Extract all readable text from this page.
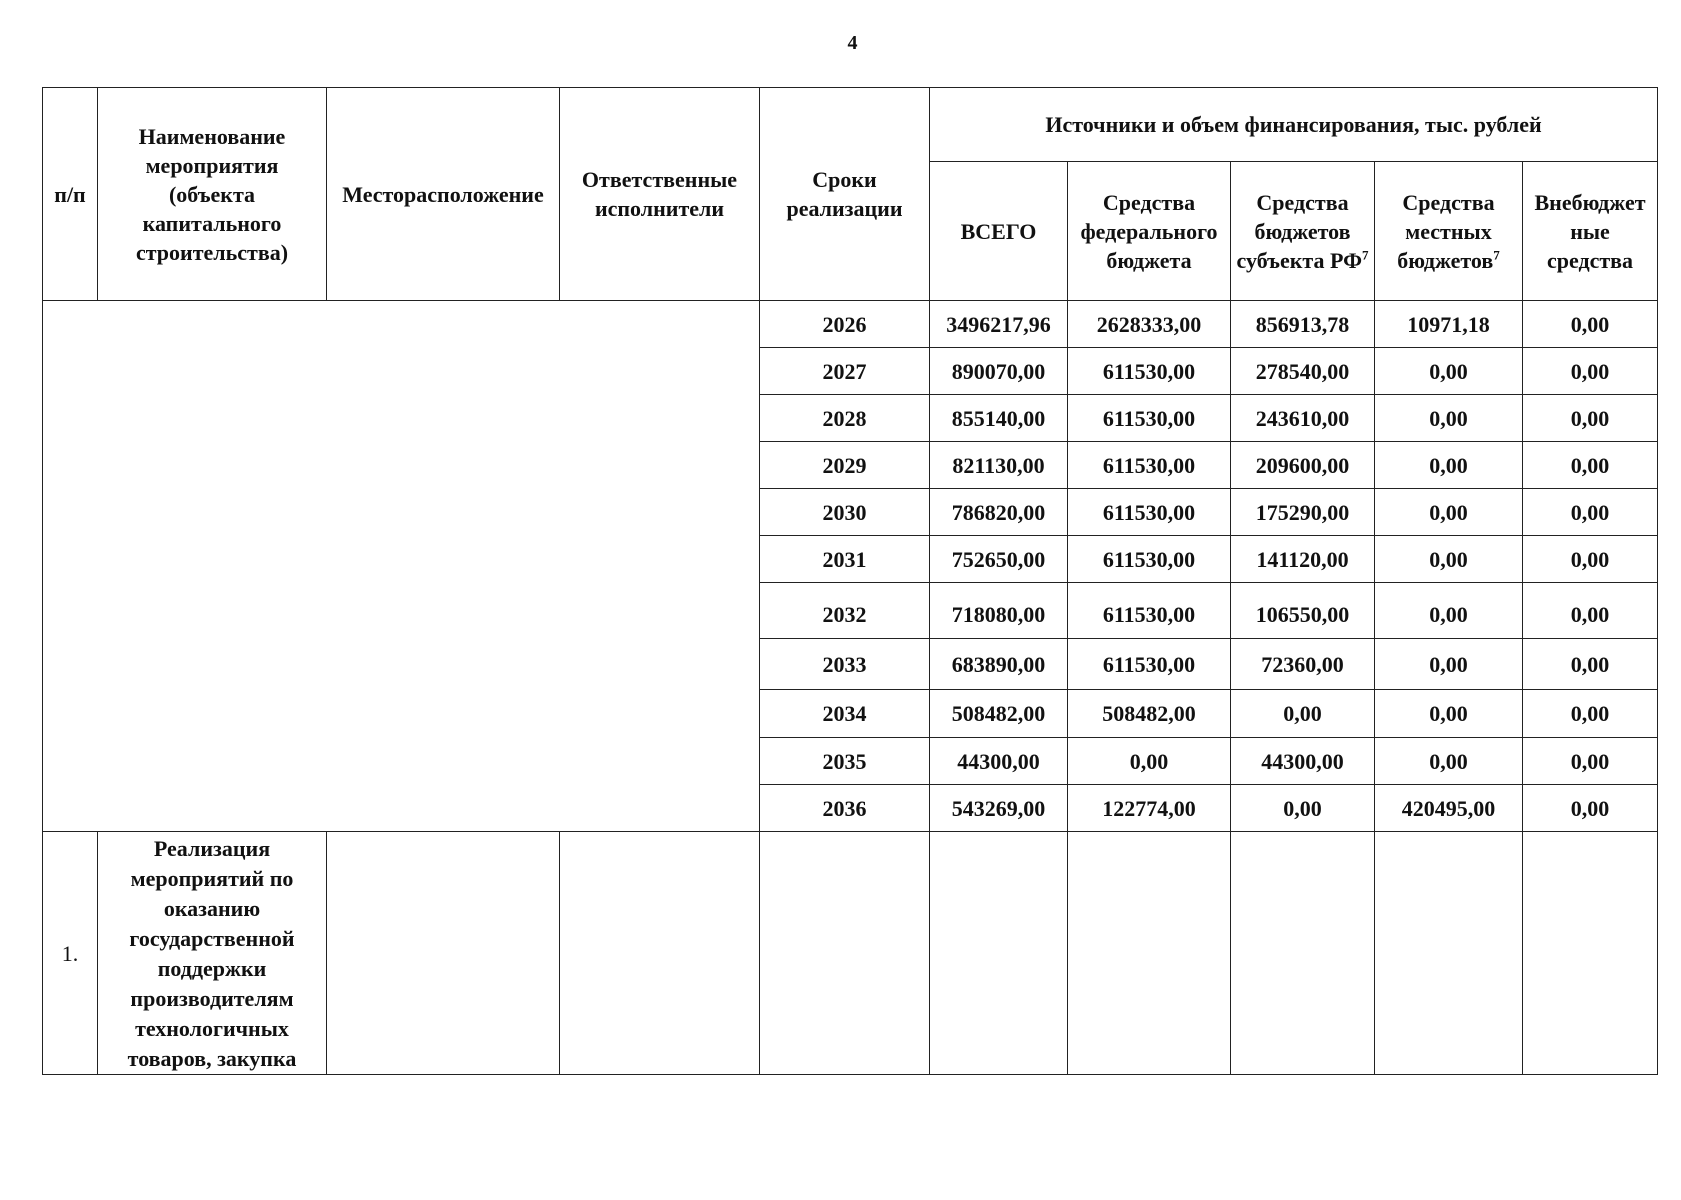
4
п/п	Наименование мероприятия (объекта капитального строительства)	Месторасположение	Ответственные исполнители	Сроки реализации	Источники и объем финансирования, тыс. рублей				
					ВСЕГО	Средства федерального бюджета	Средства бюджетов субъекта $РФ^7$	Средства местных бюджетов$^7$	Внебюджет ные средства
				2026	3496217,96	2628333,00	856913,78	10971,18	0,00
				2027	890070,00	611530,00	278540,00	0,00	0,00
				2028	855140,00	611530,00	243610,00	0,00	0,00
				2029	821130,00	611530,00	209600,00	0,00	0,00
				2030	786820,00	611530,00	175290,00	0,00	0,00
				2031	752650,00	611530,00	141120,00	0,00	0,00
				2032	718080,00	611530,00	106550,00	0,00	0,00
				2033	683890,00	611530,00	72360,00	0,00	0,00
				2034	508482,00	508482,00	0,00	0,00	0,00
				2035	44300,00	0,00	44300,00	0,00	0,00
				2036	543269,00	122774,00	0,00	420495,00	0,00
1.	Реализация мероприятий по оказанию государственной поддержки производителям технологичных товаров, закупка								
